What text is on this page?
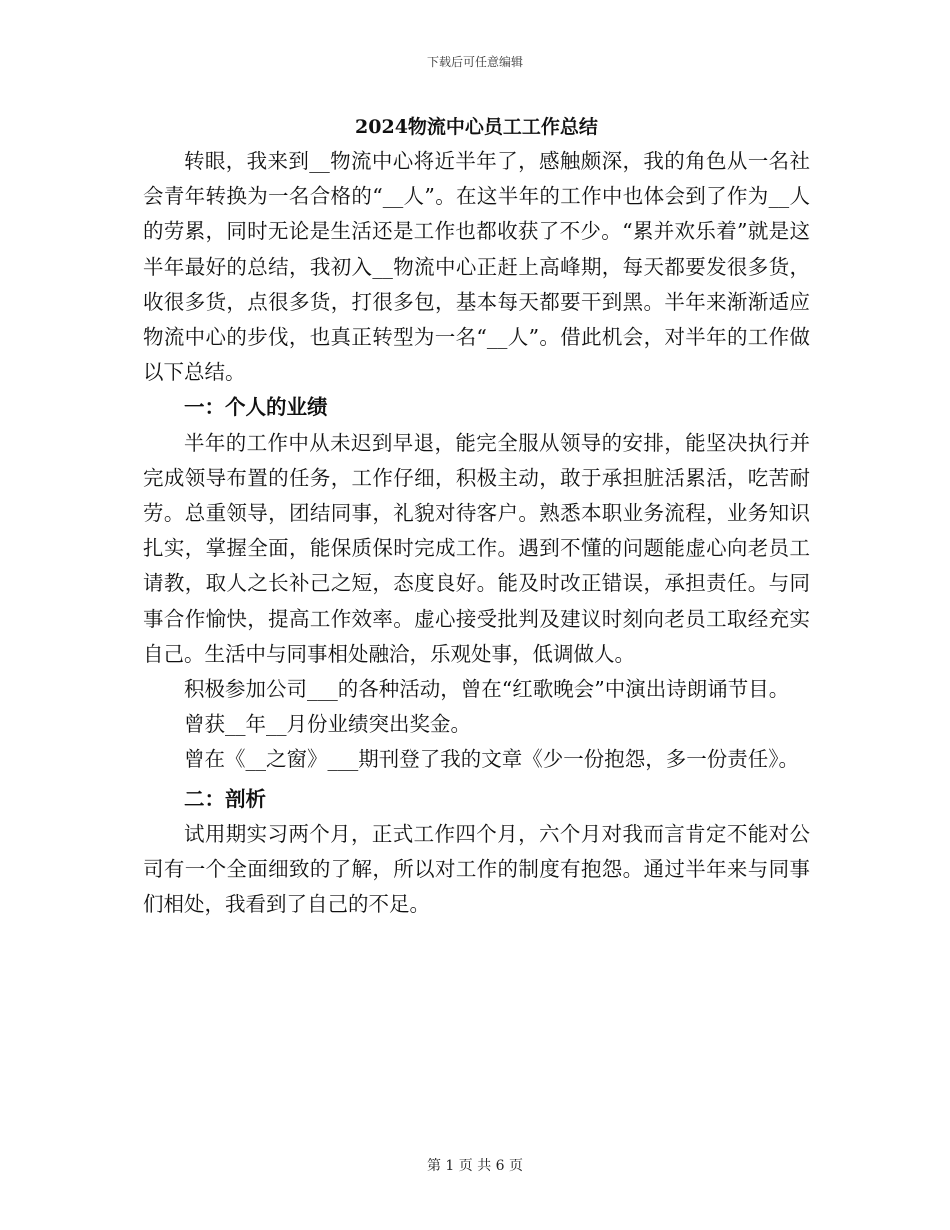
下载后可任意编辑
2024物流中心员工工作总结

转眼，我来到__物流中心将近半年了，感触颇深，我的角色从一名社会青年转换为一名合格的“__人”。在这半年的工作中也体会到了作为__人的劳累，同时无论是生活还是工作也都收获了不少。“累并欢乐着”就是这半年最好的总结，我初入__物流中心正赶上高峰期，每天都要发很多货，收很多货，点很多货，打很多包，基本每天都要干到黑。半年来渐渐适应物流中心的步伐，也真正转型为一名“__人”。借此机会，对半年的工作做以下总结。

一：个人的业绩

半年的工作中从未迟到早退，能完全服从领导的安排，能坚决执行并完成领导布置的任务，工作仔细，积极主动，敢于承担脏活累活，吃苦耐劳。总重领导，团结同事，礼貌对待客户。熟悉本职业务流程，业务知识扎实，掌握全面，能保质保时完成工作。遇到不懂的问题能虚心向老员工请教，取人之长补己之短，态度良好。能及时改正错误，承担责任。与同事合作愉快，提高工作效率。虚心接受批判及建议时刻向老员工取经充实自己。生活中与同事相处融洽，乐观处事，低调做人。

积极参加公司___的各种活动，曾在“红歌晚会”中演出诗朗诵节目。

曾获__年__月份业绩突出奖金。

曾在《__之窗》___期刊登了我的文章《少一份抱怨，多一份责任》。

二：剖析

试用期实习两个月，正式工作四个月，六个月对我而言肯定不能对公司有一个全面细致的了解，所以对工作的制度有抱怨。通过半年来与同事们相处，我看到了自己的不足。

第 1 页 共 6 页
